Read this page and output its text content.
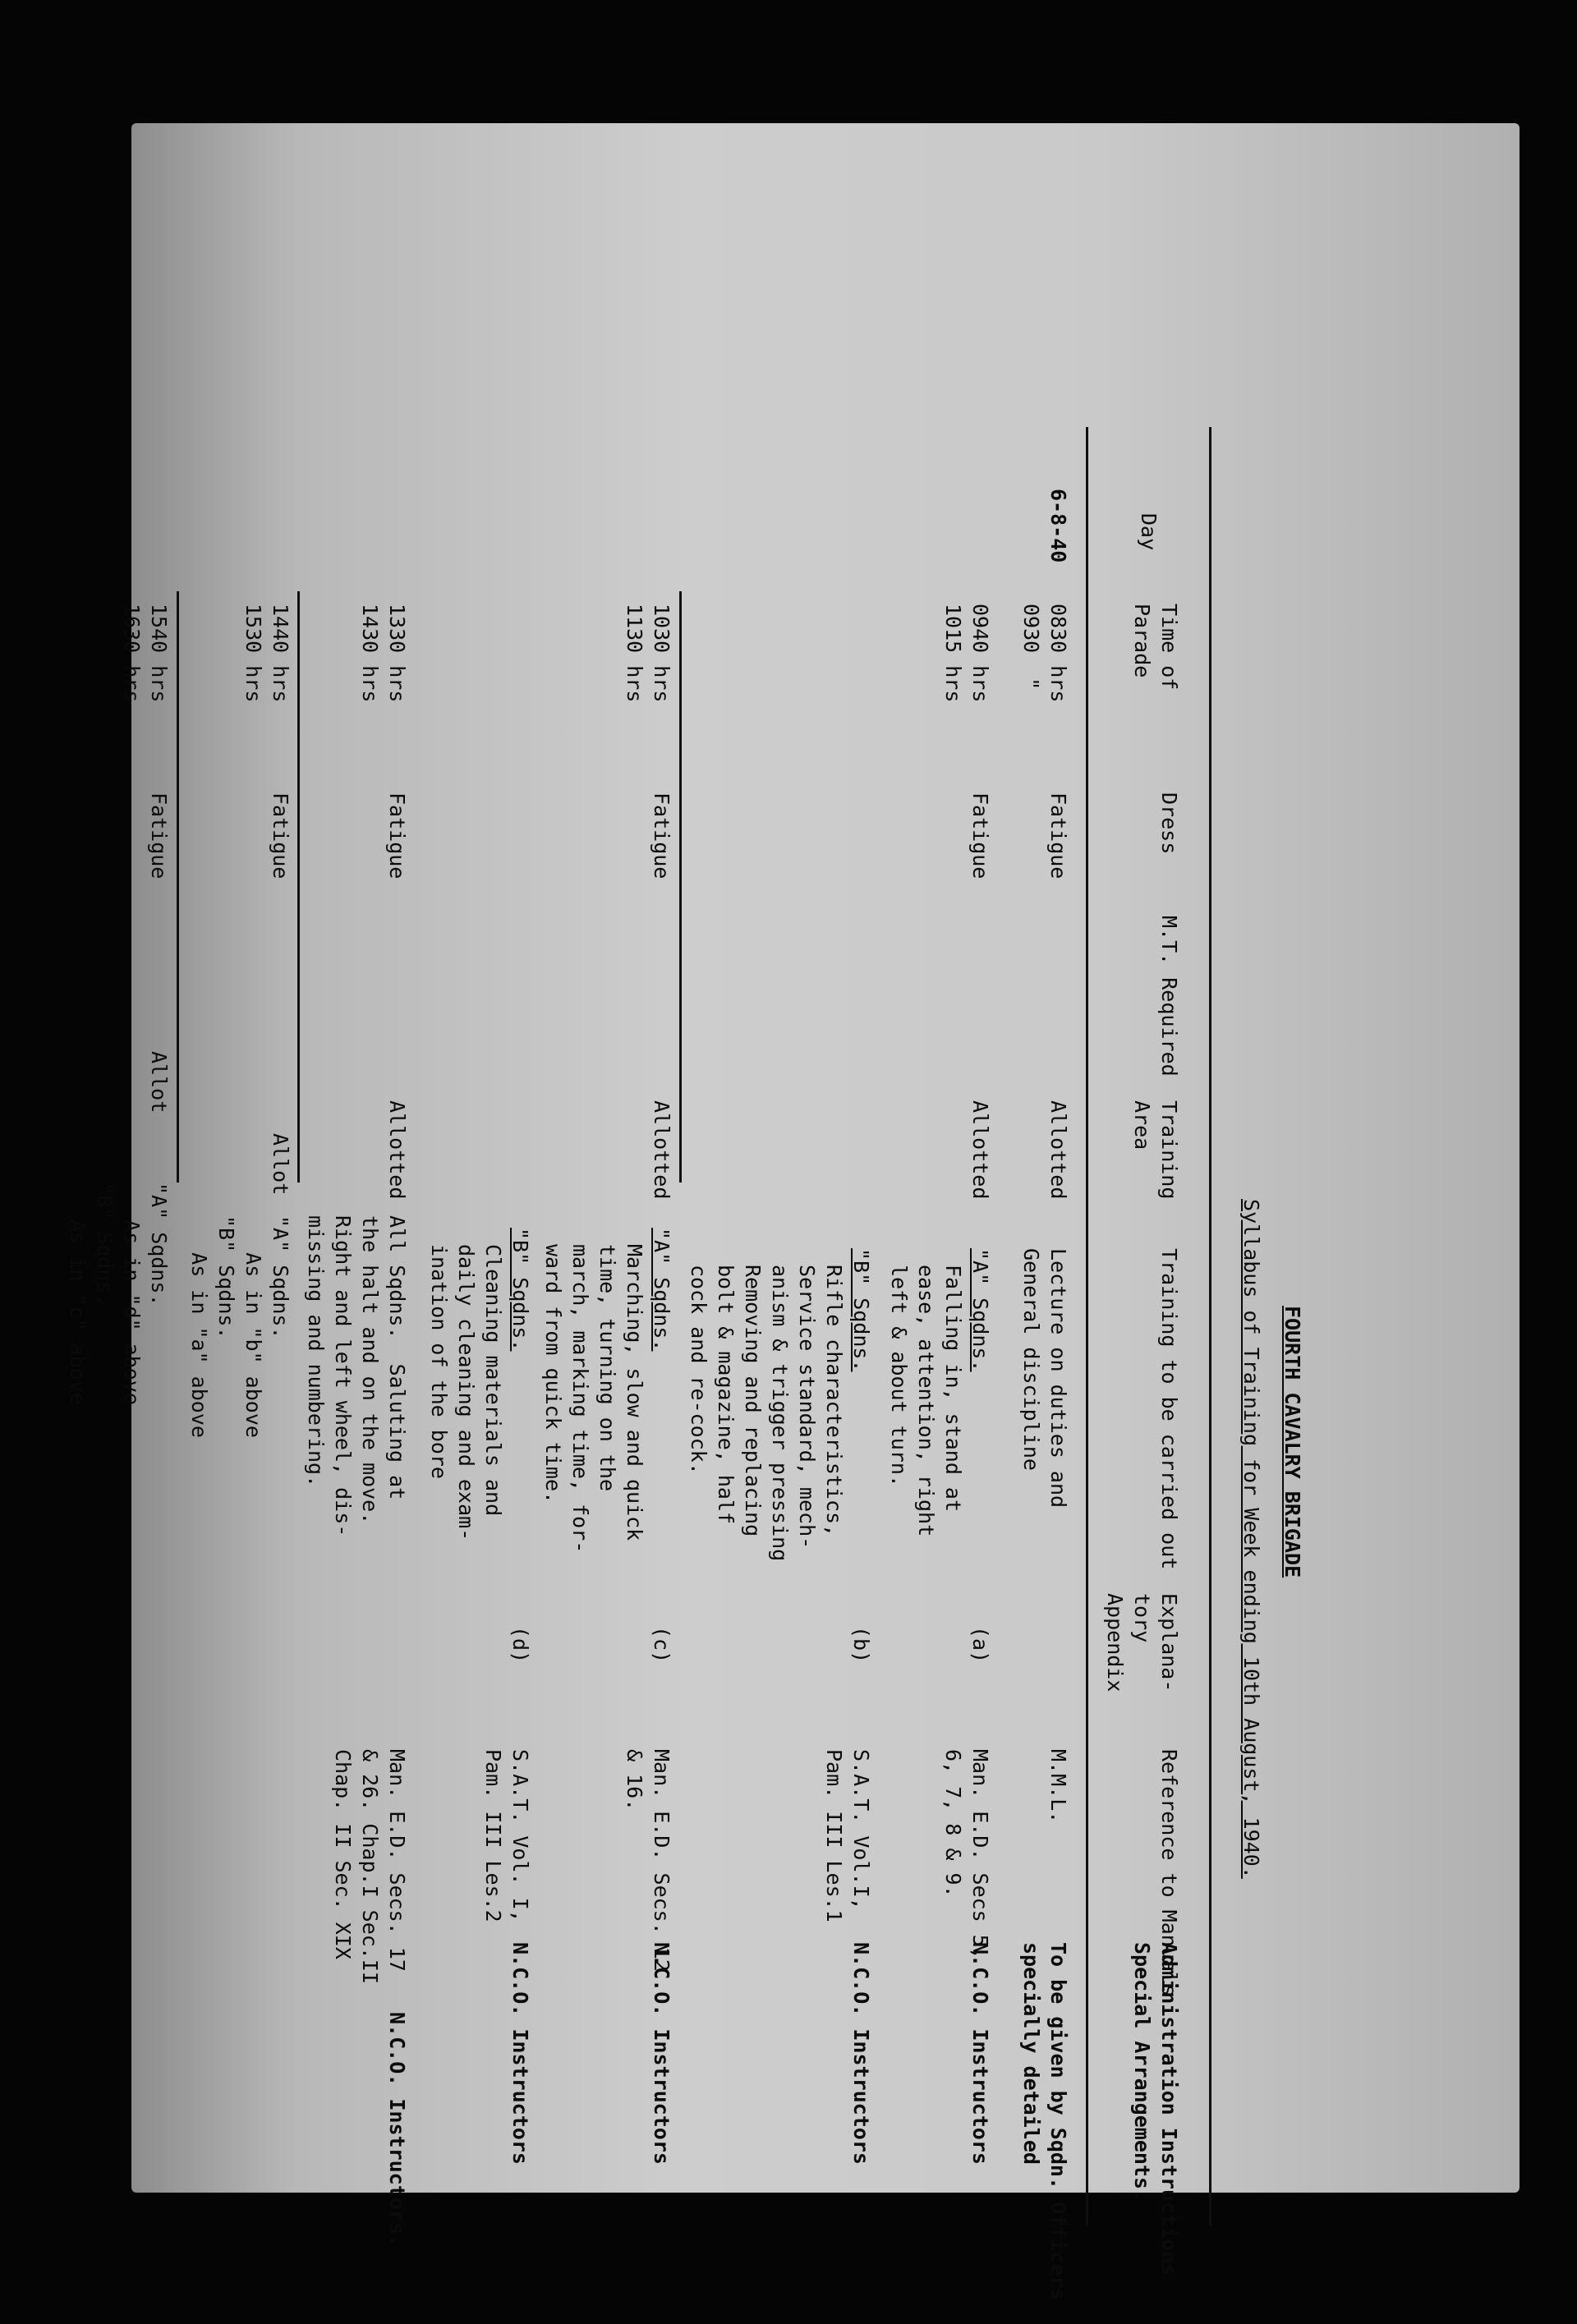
FOURTH CAVALRY BRIGADE
Syllabus of Training for Week ending 10th August, 1940.
Day
Time of
Parade
Dress
M.T. Required
Training
Area
Training to be carried out
Explana-
tory
Appendix
Reference to Manuals
Administration Instructions
Special Arrangements.
6-8-40
0830 hrs
0930  "
Fatigue
Allotted
Lecture on duties and
General discipline
M.M.L.
To be given by Sqdn. Officers
specially detailed
0940 hrs
1015 hrs
Fatigue
Allotted
"A" Sqdns.
Falling in, stand at
ease, attention, right
left & about turn.
(a)
Man. E.D. Secs 5,
6, 7, 8 & 9.
N.C.O. Instructors
"B" Sqdns.
Rifle characteristics,
Service standard, mech-
anism & trigger pressing
Removing and replacing
bolt & magazine, half
cock and re-cock.
(b)
S.A.T. Vol.I,
Pam. III Les.1
N.C.O. Instructors
1030 hrs
1130 hrs
Fatigue
Allotted
"A" Sqdns.
Marching, slow and quick
time, turning on the
march, marking time, for-
ward from quick time.
(c)
Man. E.D. Secs. 12
& 16.
N.C.O. Instructors
"B" Sqdns.
Cleaning materials and
daily cleaning and exam-
ination of the bore
(d)
S.A.T. Vol. I,
Pam. III Les.2
N.C.O. Instructors
1330 hrs
1430 hrs
Fatigue
Allotted
All Sqdns.  Saluting at
the halt and on the move.
Right and left wheel, dis-
missing and numbering.
Man. E.D. Secs. 17
& 26. Chap.I Sec.II
Chap. II Sec. XIX
N.C.O. Instructors.
1440 hrs
1530 hrs
Fatigue
Allot
"A" Sqdns.
As in "b" above
"B" Sqdns.
As in "a" above
1540 hrs
1630 hrs
Fatigue
Allot
"A" Sqdns.
As in "d" above
"B" Sqdns.
As in "c" above
